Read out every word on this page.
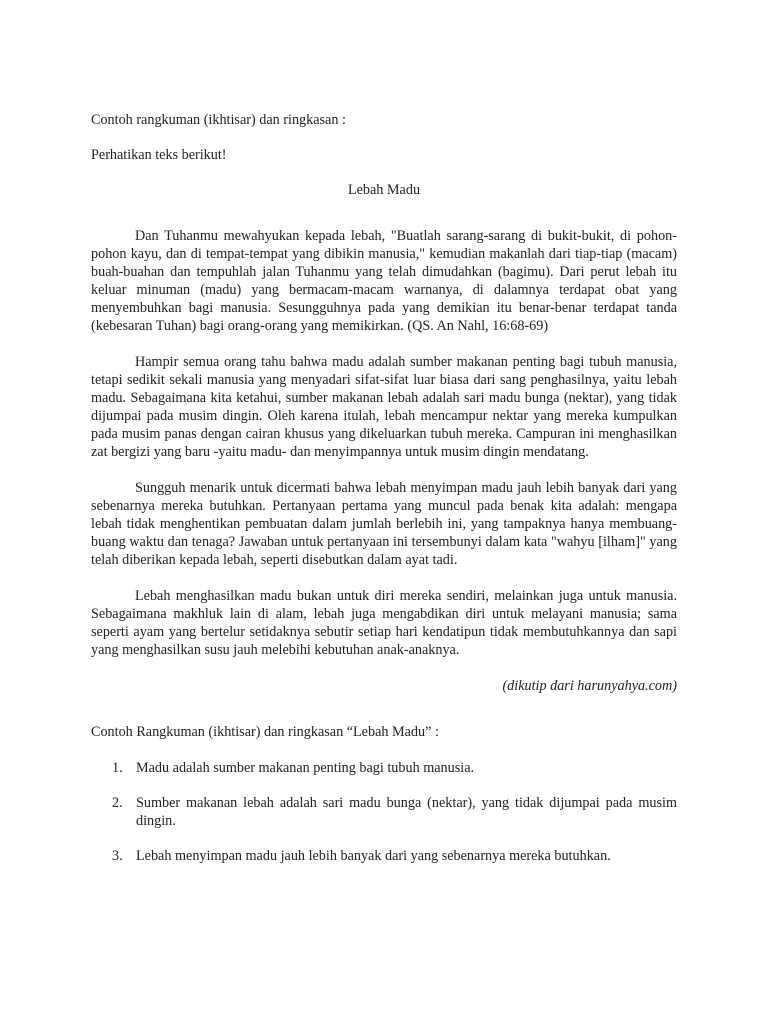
Contoh rangkuman (ikhtisar) dan ringkasan :

Perhatikan teks berikut!

Lebah Madu

Dan Tuhanmu mewahyukan kepada lebah, "Buatlah sarang-sarang di bukit-bukit, di pohon-pohon kayu, dan di tempat-tempat yang dibikin manusia," kemudian makanlah dari tiap-tiap (macam) buah-buahan dan tempuhlah jalan Tuhanmu yang telah dimudahkan (bagimu). Dari perut lebah itu keluar minuman (madu) yang bermacam-macam warnanya, di dalamnya terdapat obat yang menyembuhkan bagi manusia. Sesungguhnya pada yang demikian itu benar-benar terdapat tanda (kebesaran Tuhan) bagi orang-orang yang memikirkan. (QS. An Nahl, 16:68-69)

Hampir semua orang tahu bahwa madu adalah sumber makanan penting bagi tubuh manusia, tetapi sedikit sekali manusia yang menyadari sifat-sifat luar biasa dari sang penghasilnya, yaitu lebah madu. Sebagaimana kita ketahui, sumber makanan lebah adalah sari madu bunga (nektar), yang tidak dijumpai pada musim dingin. Oleh karena itulah, lebah mencampur nektar yang mereka kumpulkan pada musim panas dengan cairan khusus yang dikeluarkan tubuh mereka. Campuran ini menghasilkan zat bergizi yang baru -yaitu madu- dan menyimpannya untuk musim dingin mendatang.

Sungguh menarik untuk dicermati bahwa lebah menyimpan madu jauh lebih banyak dari yang sebenarnya mereka butuhkan. Pertanyaan pertama yang muncul pada benak kita adalah: mengapa lebah tidak menghentikan pembuatan dalam jumlah berlebih ini, yang tampaknya hanya membuang-buang waktu dan tenaga? Jawaban untuk pertanyaan ini tersembunyi dalam kata "wahyu [ilham]" yang telah diberikan kepada lebah, seperti disebutkan dalam ayat tadi.

Lebah menghasilkan madu bukan untuk diri mereka sendiri, melainkan juga untuk manusia. Sebagaimana makhluk lain di alam, lebah juga mengabdikan diri untuk melayani manusia; sama seperti ayam yang bertelur setidaknya sebutir setiap hari kendatipun tidak membutuhkannya dan sapi yang menghasilkan susu jauh melebihi kebutuhan anak-anaknya.

(dikutip dari harunyahya.com)

Contoh Rangkuman (ikhtisar) dan ringkasan “Lebah Madu” :

1. Madu adalah sumber makanan penting bagi tubuh manusia.
2. Sumber makanan lebah adalah sari madu bunga (nektar), yang tidak dijumpai pada musim dingin.
3. Lebah menyimpan madu jauh lebih banyak dari yang sebenarnya mereka butuhkan.
